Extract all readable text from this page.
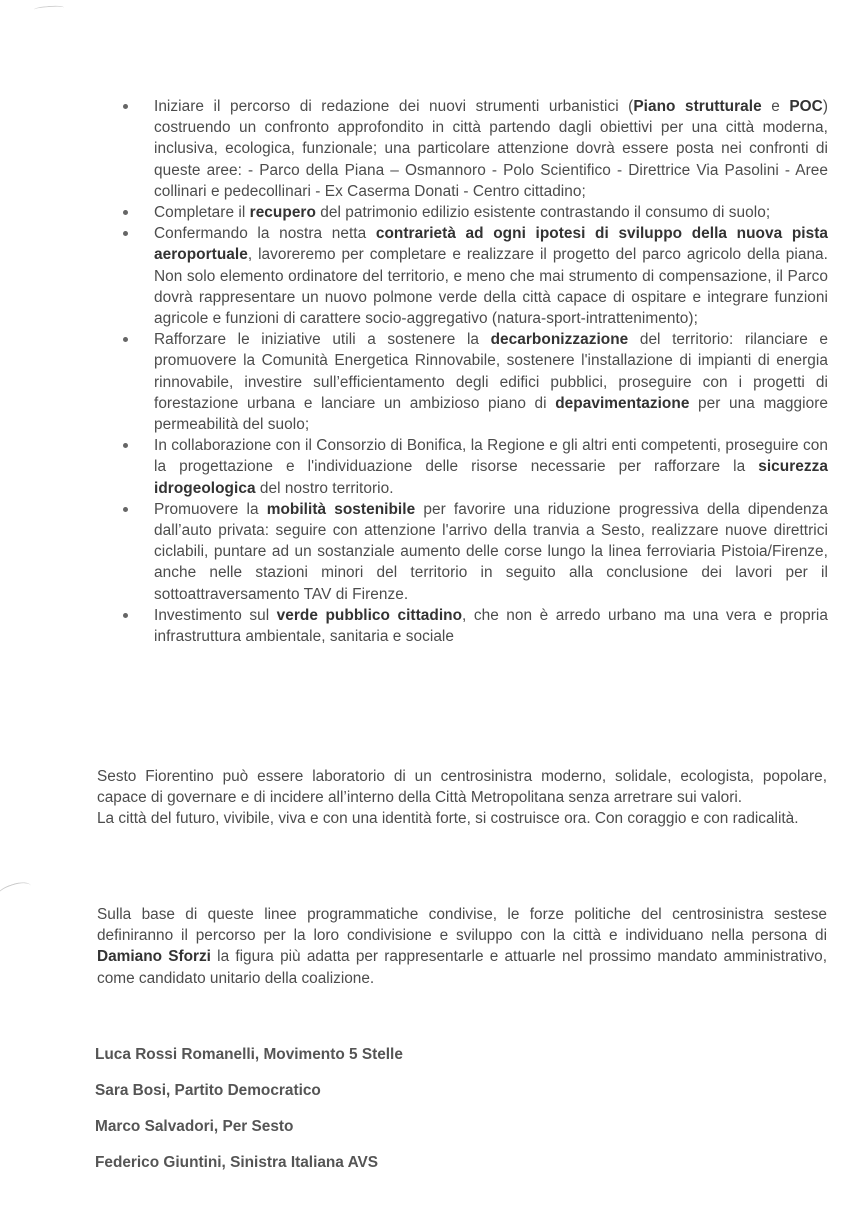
Iniziare il percorso di redazione dei nuovi strumenti urbanistici (Piano strutturale e POC) costruendo un confronto approfondito in città partendo dagli obiettivi per una città moderna, inclusiva, ecologica, funzionale; una particolare attenzione dovrà essere posta nei confronti di queste aree: - Parco della Piana – Osmannoro - Polo Scientifico - Direttrice Via Pasolini - Aree collinari e pedecollinari - Ex Caserma Donati - Centro cittadino;
Completare il recupero del patrimonio edilizio esistente contrastando il consumo di suolo;
Confermando la nostra netta contrarietà ad ogni ipotesi di sviluppo della nuova pista aeroportuale, lavoreremo per completare e realizzare il progetto del parco agricolo della piana. Non solo elemento ordinatore del territorio, e meno che mai strumento di compensazione, il Parco dovrà rappresentare un nuovo polmone verde della città capace di ospitare e integrare funzioni agricole e funzioni di carattere socio-aggregativo (natura-sport-intrattenimento);
Rafforzare le iniziative utili a sostenere la decarbonizzazione del territorio: rilanciare e promuovere la Comunità Energetica Rinnovabile, sostenere l'installazione di impianti di energia rinnovabile, investire sull’efficientamento degli edifici pubblici, proseguire con i progetti di forestazione urbana e lanciare un ambizioso piano di depavimentazione per una maggiore permeabilità del suolo;
In collaborazione con il Consorzio di Bonifica, la Regione e gli altri enti competenti, proseguire con la progettazione e l'individuazione delle risorse necessarie per rafforzare la sicurezza idrogeologica del nostro territorio.
Promuovere la mobilità sostenibile per favorire una riduzione progressiva della dipendenza dall’auto privata: seguire con attenzione l'arrivo della tranvia a Sesto, realizzare nuove direttrici ciclabili, puntare ad un sostanziale aumento delle corse lungo la linea ferroviaria Pistoia/Firenze, anche nelle stazioni minori del territorio in seguito alla conclusione dei lavori per il sottoattraversamento TAV di Firenze.
Investimento sul verde pubblico cittadino, che non è arredo urbano ma una vera e propria infrastruttura ambientale, sanitaria e sociale

Sesto Fiorentino può essere laboratorio di un centrosinistra moderno, solidale, ecologista, popolare, capace di governare e di incidere all’interno della Città Metropolitana senza arretrare sui valori.
La città del futuro, vivibile, viva e con una identità forte, si costruisce ora. Con coraggio e con radicalità.

Sulla base di queste linee programmatiche condivise, le forze politiche del centrosinistra sestese definiranno il percorso per la loro condivisione e sviluppo con la città e individuano nella persona di Damiano Sforzi la figura più adatta per rappresentarle e attuarle nel prossimo mandato amministrativo, come candidato unitario della coalizione.

Luca Rossi Romanelli, Movimento 5 Stelle
Sara Bosi, Partito Democratico
Marco Salvadori, Per Sesto
Federico Giuntini, Sinistra Italiana AVS
